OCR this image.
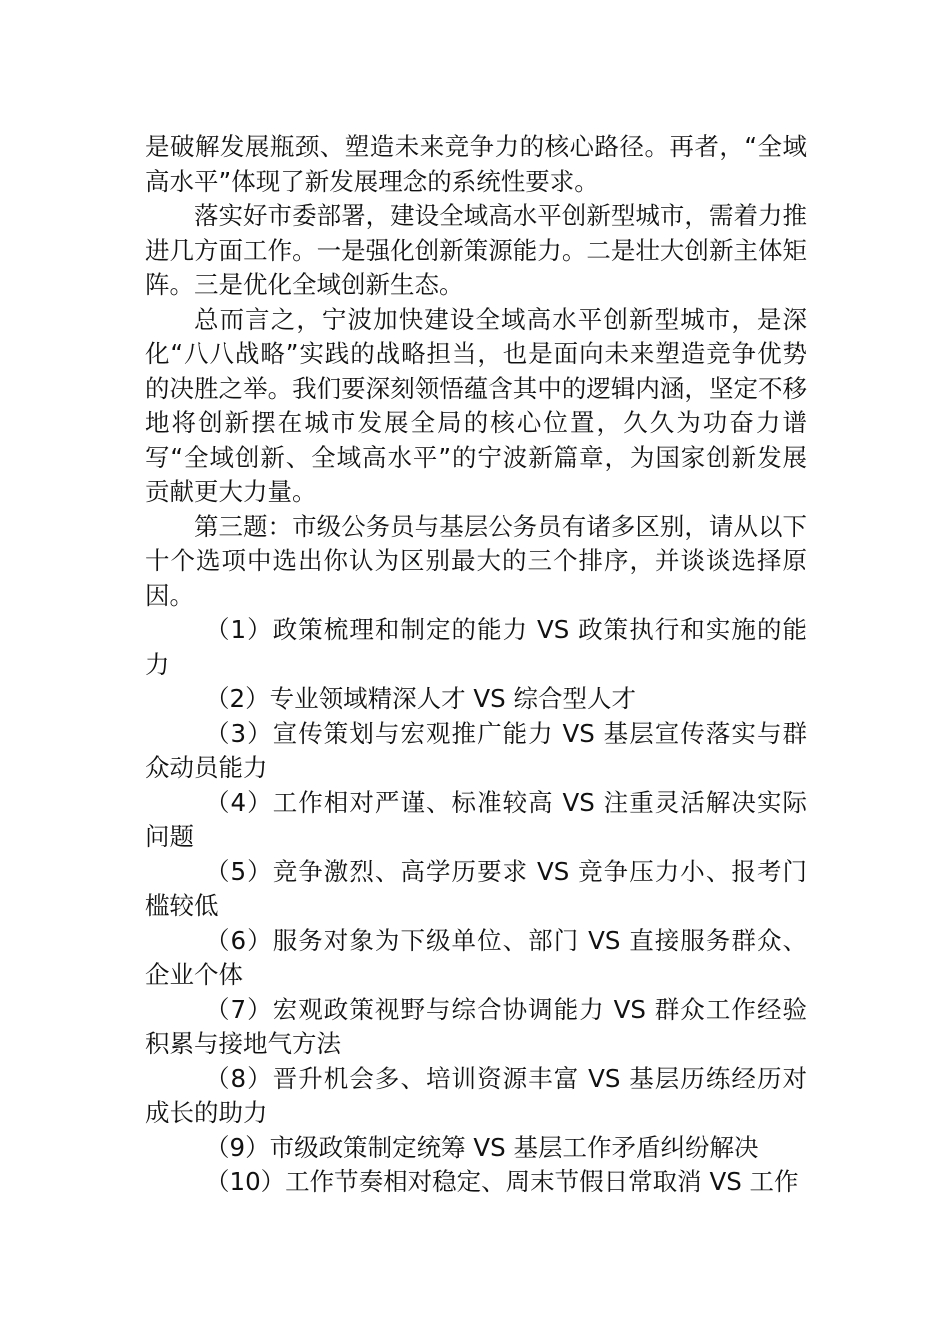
是破解发展瓶颈、塑造未来竞争力的核心路径。再者，“全域高水平”体现了新发展理念的系统性要求。

落实好市委部署，建设全域高水平创新型城市，需着力推进几方面工作。一是强化创新策源能力。二是壮大创新主体矩阵。三是优化全域创新生态。

总而言之，宁波加快建设全域高水平创新型城市，是深化“八八战略”实践的战略担当，也是面向未来塑造竞争优势的决胜之举。我们要深刻领悟蕴含其中的逻辑内涵，坚定不移地将创新摆在城市发展全局的核心位置，久久为功奋力谱写“全域创新、全域高水平”的宁波新篇章，为国家创新发展贡献更大力量。

第三题：市级公务员与基层公务员有诸多区别，请从以下十个选项中选出你认为区别最大的三个排序，并谈谈选择原因。

（1）政策梳理和制定的能力 VS 政策执行和实施的能力

（2）专业领域精深人才 VS 综合型人才

（3）宣传策划与宏观推广能力 VS 基层宣传落实与群众动员能力

（4）工作相对严谨、标准较高 VS 注重灵活解决实际问题

（5）竞争激烈、高学历要求 VS 竞争压力小、报考门槛较低

（6）服务对象为下级单位、部门 VS 直接服务群众、企业个体

（7）宏观政策视野与综合协调能力 VS 群众工作经验积累与接地气方法

（8）晋升机会多、培训资源丰富 VS 基层历练经历对成长的助力

（9）市级政策制定统筹 VS 基层工作矛盾纠纷解决

（10）工作节奏相对稳定、周末节假日常取消 VS 工作
